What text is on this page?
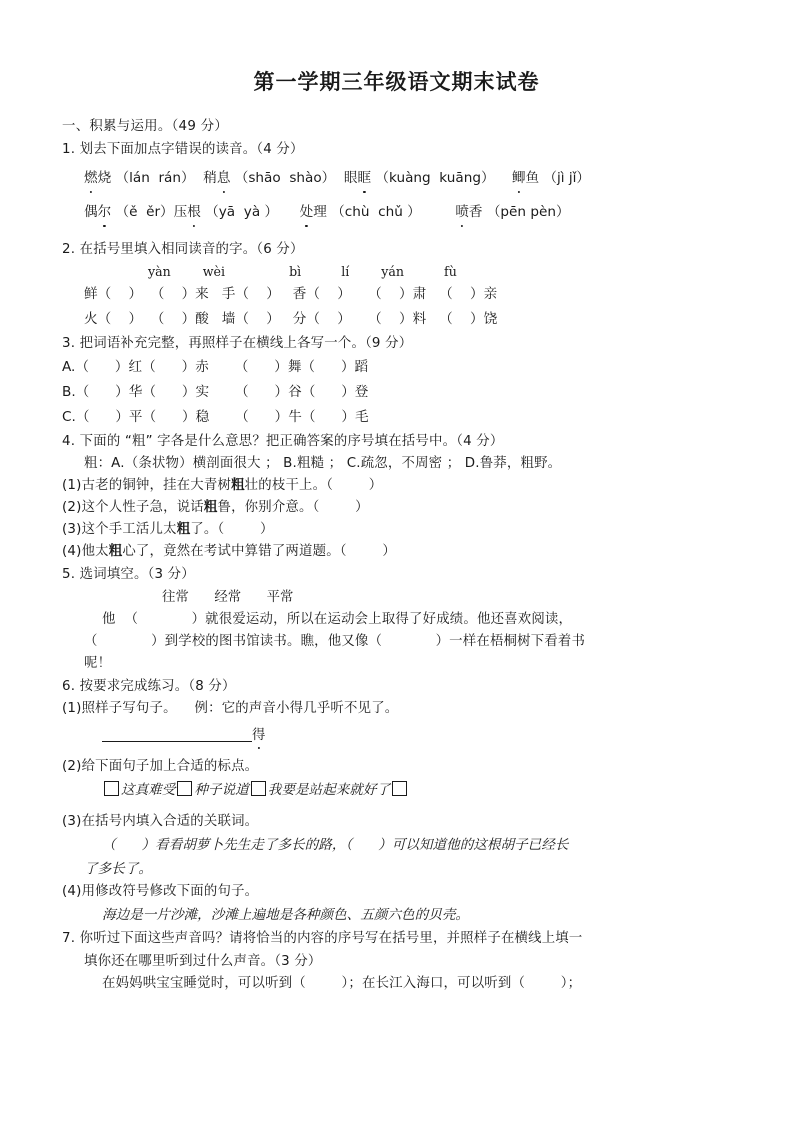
第一学期三年级语文期末试卷
一、积累与运用。（49 分）
1. 划去下面加点字错误的读音。（4 分）
燃烧 （lán  rán）  稍息 （shāo  shào）  眼眶 （kuàng  kuāng）    鲫鱼 （jì jǐ）
偶尔 （ě  ěr）压根 （yā  yà ）     处理 （chù  chǔ ）        喷香 （pēn pèn）
2. 在括号里填入相同读音的字。（6 分）
yàn        wèi                bì          lí        yán          fù
鲜（    ）  （    ）来   手（    ）   香（    ）    （    ）肃   （    ）亲
火（    ）  （    ）酸   墙（    ）   分（    ）    （    ）料   （    ）饶
3. 把词语补充完整，再照样子在横线上各写一个。（9 分）
A.（      ）红（      ）赤      （      ）舞（      ）蹈
B.（      ）华（      ）实      （      ）谷（      ）登
C.（      ）平（      ）稳      （      ）牛（      ）毛
4. 下面的 “粗” 字各是什么意思？把正确答案的序号填在括号中。（4 分）
粗：A.（条状物）横剖面很大 ； B.粗糙 ； C.疏忽，不周密 ； D.鲁莽，粗野。
(1)古老的铜钟，挂在大青树粗壮的枝干上。（        ）
(2)这个人性子急，说话粗鲁，你别介意。（        ）
(3)这个手工活儿太粗了。（        ）
(4)他太粗心了，竟然在考试中算错了两道题。（        ）
5. 选词填空。（3 分）
往常      经常      平常
他  （            ）就很爱运动，所以在运动会上取得了好成绩。他还喜欢阅读，
（            ）到学校的图书馆读书。瞧，他又像（            ）一样在梧桐树下看着书
呢！
6. 按要求完成练习。（8 分）
(1)照样子写句子。    例：它的声音小得几乎听不见了。
得
(2)给下面句子加上合适的标点。
这真难受 种子说道 我要是站起来就好了
(3)在括号内填入合适的关联词。
（      ）看看胡萝卜先生走了多长的路，（      ）可以知道他的这根胡子已经长
了多长了。
(4)用修改符号修改下面的句子。
海边是一片沙滩，沙滩上遍地是各种颜色、五颜六色的贝壳。
7. 你听过下面这些声音吗？请将恰当的内容的序号写在括号里，并照样子在横线上填一
填你还在哪里听到过什么声音。（3 分）
在妈妈哄宝宝睡觉时，可以听到（        ）；在长江入海口，可以听到（        ）；
